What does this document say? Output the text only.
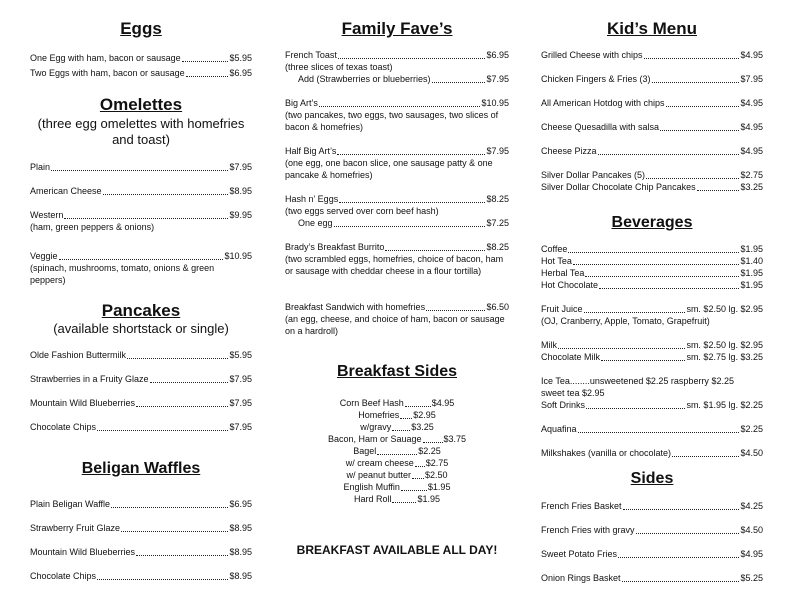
Eggs
One Egg with ham, bacon or sausage	$5.95
Two Eggs with ham, bacon or sausage	$6.95
Omelettes
(three egg omelettes with homefries and toast)
Plain	$7.95
American Cheese	$8.95
Western	$9.95
(ham, green peppers & onions)
Veggie	$10.95
(spinach, mushrooms, tomato, onions & green peppers)
Pancakes
(available shortstack or single)
Olde Fashion Buttermilk	$5.95
Strawberries in a Fruity Glaze	$7.95
Mountain Wild Blueberries	$7.95
Chocolate Chips	$7.95
Beligan Waffles
Plain Beligan Waffle	$6.95
Strawberry Fruit Glaze	$8.95
Mountain Wild Blueberries	$8.95
Chocolate Chips	$8.95
Family Fave’s
French Toast	$6.95
(three slices of texas toast)
Add (Strawberries or blueberries)	$7.95
Big Art’s	$10.95
(two pancakes, two eggs, two sausages, two slices of bacon & homefries)
Half Big Art’s	$7.95
(one egg, one bacon slice, one sausage patty & one pancake & homefries)
Hash n’ Eggs	$8.25
(two eggs served over corn beef hash)
One egg	$7.25
Brady’s Breakfast Burrito	$8.25
(two scrambled eggs, homefries, choice of bacon, ham or sausage with cheddar cheese in a flour tortilla)
Breakfast Sandwich with homefries	$6.50
(an egg, cheese, and choice of ham, bacon or sausage on a hardroll)
Breakfast Sides
Corn Beef Hash	$4.95
Homefries $2.95
w/gravy $3.25
Bacon, Ham or Sauage $3.75
Bagel	$2.25
w/ cream cheese $2.75
w/ peanut butter $2.50
English Muffin	$1.95
Hard Roll	$1.95
BREAKFAST AVAILABLE ALL DAY!
Kid’s Menu
Grilled Cheese with chips	$4.95
Chicken Fingers & Fries (3)	$7.95
All American Hotdog with chips	$4.95
Cheese Quesadilla with salsa	$4.95
Cheese Pizza	$4.95
Silver Dollar Pancakes (5)	$2.75
Silver Dollar Chocolate Chip Pancakes	$3.25
Beverages
Coffee	$1.95
Hot Tea	$1.40
Herbal Tea	$1.95
Hot Chocolate	$1.95
Fruit Juice	sm. $2.50 lg. $2.95
(OJ, Cranberry, Apple, Tomato, Grapefruit)
Milk	sm. $2.50 lg. $2.95
Chocolate Milk	sm. $2.75 lg. $3.25
Ice Tea........unsweetened $2.25 raspberry $2.25
sweet tea $2.95
Soft Drinks	sm. $1.95 lg. $2.25
Aquafina	$2.25
Milkshakes (vanilla or chocolate)	$4.50
Sides
French Fries Basket	$4.25
French Fries with gravy	$4.50
Sweet Potato Fries	$4.95
Onion Rings Basket	$5.25
